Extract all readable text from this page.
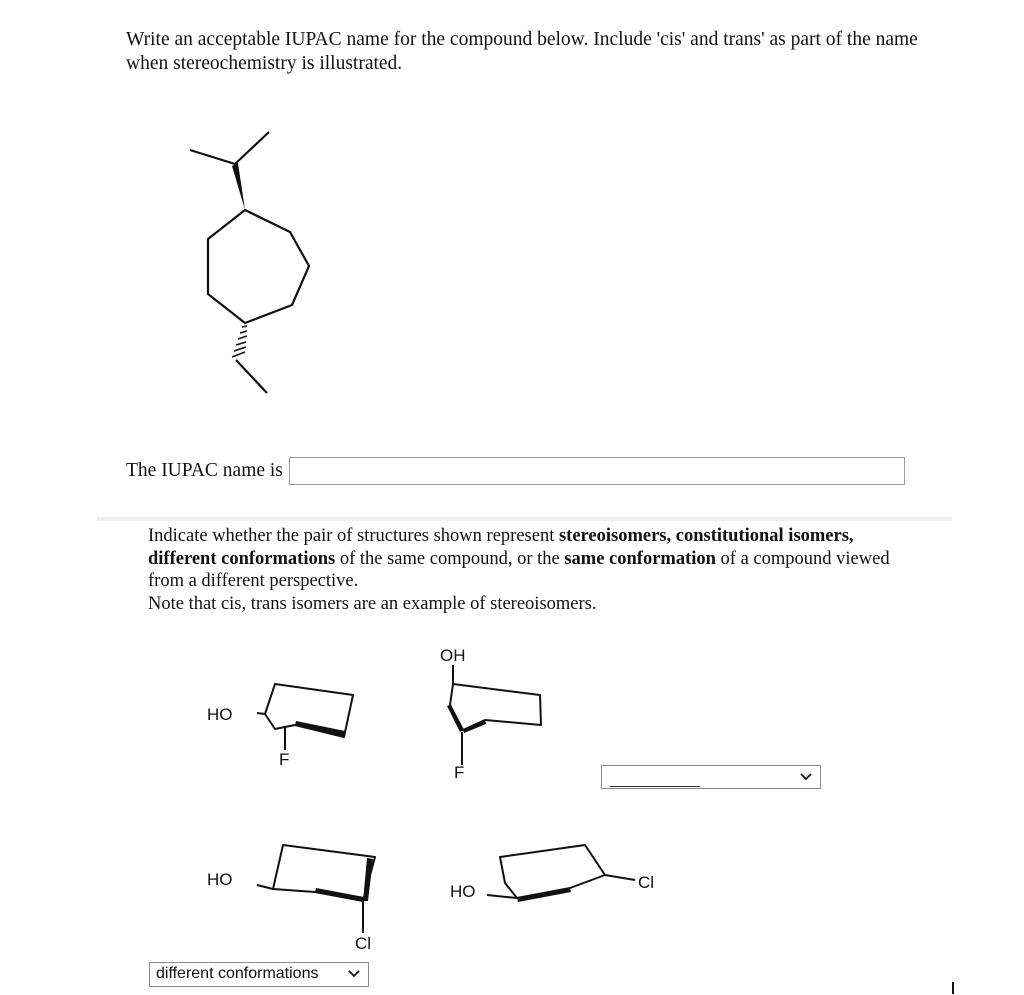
Write an acceptable IUPAC name for the compound below. Include 'cis' and trans' as part of the name when stereochemistry is illustrated.
The IUPAC name is
Indicate whether the pair of structures shown represent stereoisomers, constitutional isomers, different conformations of the same compound, or the same conformation of a compound viewed from a different perspective.
Note that cis, trans isomers are an example of stereoisomers.
HO
F
OH
F
HO
Cl
HO	Cl
different conformations
